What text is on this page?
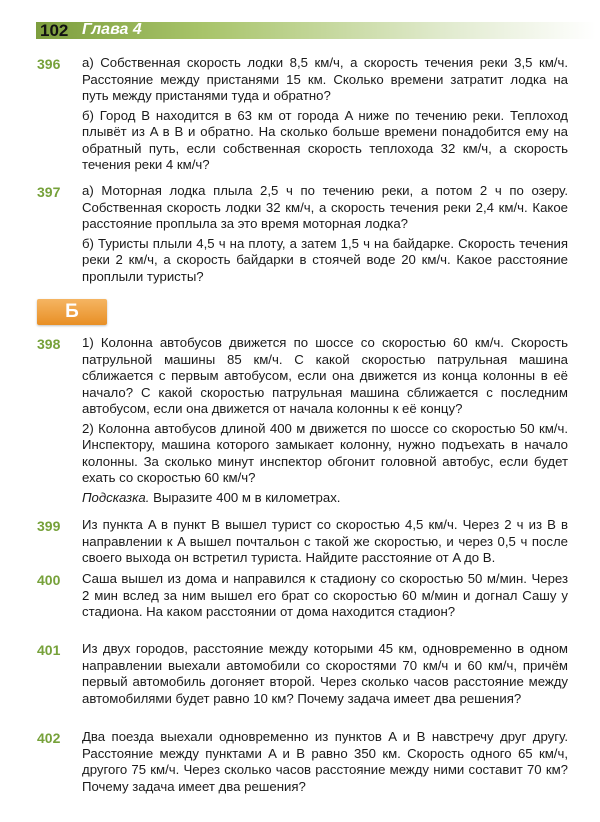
102 Глава 4
396 а) Собственная скорость лодки 8,5 км/ч, а скорость течения реки 3,5 км/ч. Расстояние между пристанями 15 км. Сколько времени затратит лодка на путь между пристанями туда и обратно?

б) Город B находится в 63 км от города A ниже по течению реки. Теплоход плывёт из A в B и обратно. На сколько больше времени понадобится ему на обратный путь, если собственная скорость теплохода 32 км/ч, а скорость течения реки 4 км/ч?

397 а) Моторная лодка плыла 2,5 ч по течению реки, а потом 2 ч по озеру. Собственная скорость лодки 32 км/ч, а скорость течения реки 2,4 км/ч. Какое расстояние проплыла за это время моторная лодка?

б) Туристы плыли 4,5 ч на плоту, а затем 1,5 ч на байдарке. Скорость течения реки 2 км/ч, а скорость байдарки в стоячей воде 20 км/ч. Какое расстояние проплыли туристы?

Б
398 1) Колонна автобусов движется по шоссе со скоростью 60 км/ч. Скорость патрульной машины 85 км/ч. С какой скоростью патрульная машина сближается с первым автобусом, если она движется из конца колонны в её начало? С какой скоростью патрульная машина сближается с последним автобусом, если она движется от начала колонны к её концу?

2) Колонна автобусов длиной 400 м движется по шоссе со скоростью 50 км/ч. Инспектору, машина которого замыкает колонну, нужно подъехать в начало колонны. За сколько минут инспектор обгонит головной автобус, если будет ехать со скоростью 60 км/ч?

Подсказка. Выразите 400 м в километрах.

399 Из пункта A в пункт B вышел турист со скоростью 4,5 км/ч. Через 2 ч из B в направлении к A вышел почтальон с такой же скоростью, и через 0,5 ч после своего выхода он встретил туриста. Найдите расстояние от A до B.

400 Саша вышел из дома и направился к стадиону со скоростью 50 м/мин. Через 2 мин вслед за ним вышел его брат со скоростью 60 м/мин и догнал Сашу у стадиона. На каком расстоянии от дома находится стадион?

401 Из двух городов, расстояние между которыми 45 км, одновременно в одном направлении выехали автомобили со скоростями 70 км/ч и 60 км/ч, причём первый автомобиль догоняет второй. Через сколько часов расстояние между автомобилями будет равно 10 км? Почему задача имеет два решения?

402 Два поезда выехали одновременно из пунктов A и B навстречу друг другу. Расстояние между пунктами A и B равно 350 км. Скорость одного 65 км/ч, другого 75 км/ч. Через сколько часов расстояние между ними составит 70 км? Почему задача имеет два решения?
